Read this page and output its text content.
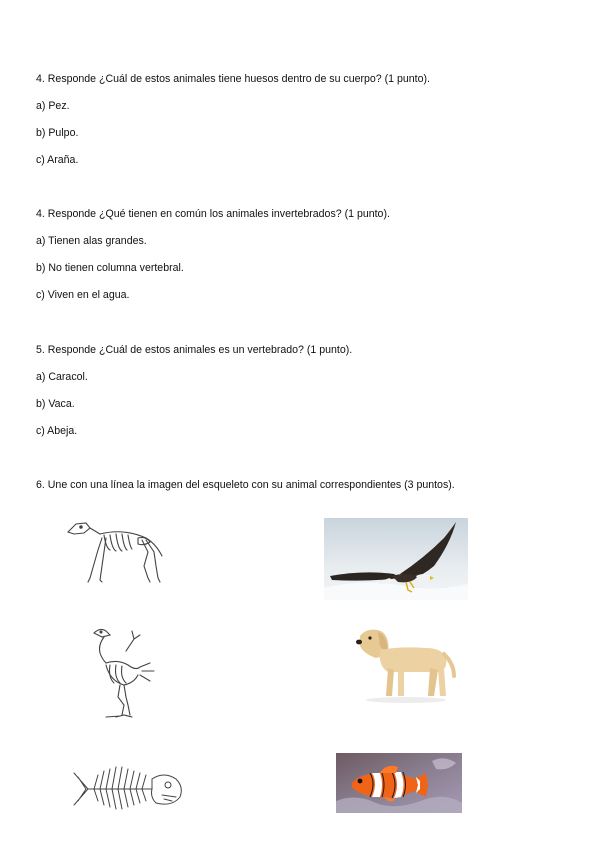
4. Responde ¿Cuál de estos animales tiene huesos dentro de su cuerpo? (1 punto).
a) Pez.
b) Pulpo.
c) Araña.
4. Responde ¿Qué tienen en común los animales invertebrados? (1 punto).
a) Tienen alas grandes.
b) No tienen columna vertebral.
c) Viven en el agua.
5. Responde ¿Cuál de estos animales es un vertebrado? (1 punto).
a) Caracol.
b) Vaca.
c) Abeja.
6. Une con una línea la imagen del esqueleto con su animal correspondientes (3 puntos).
